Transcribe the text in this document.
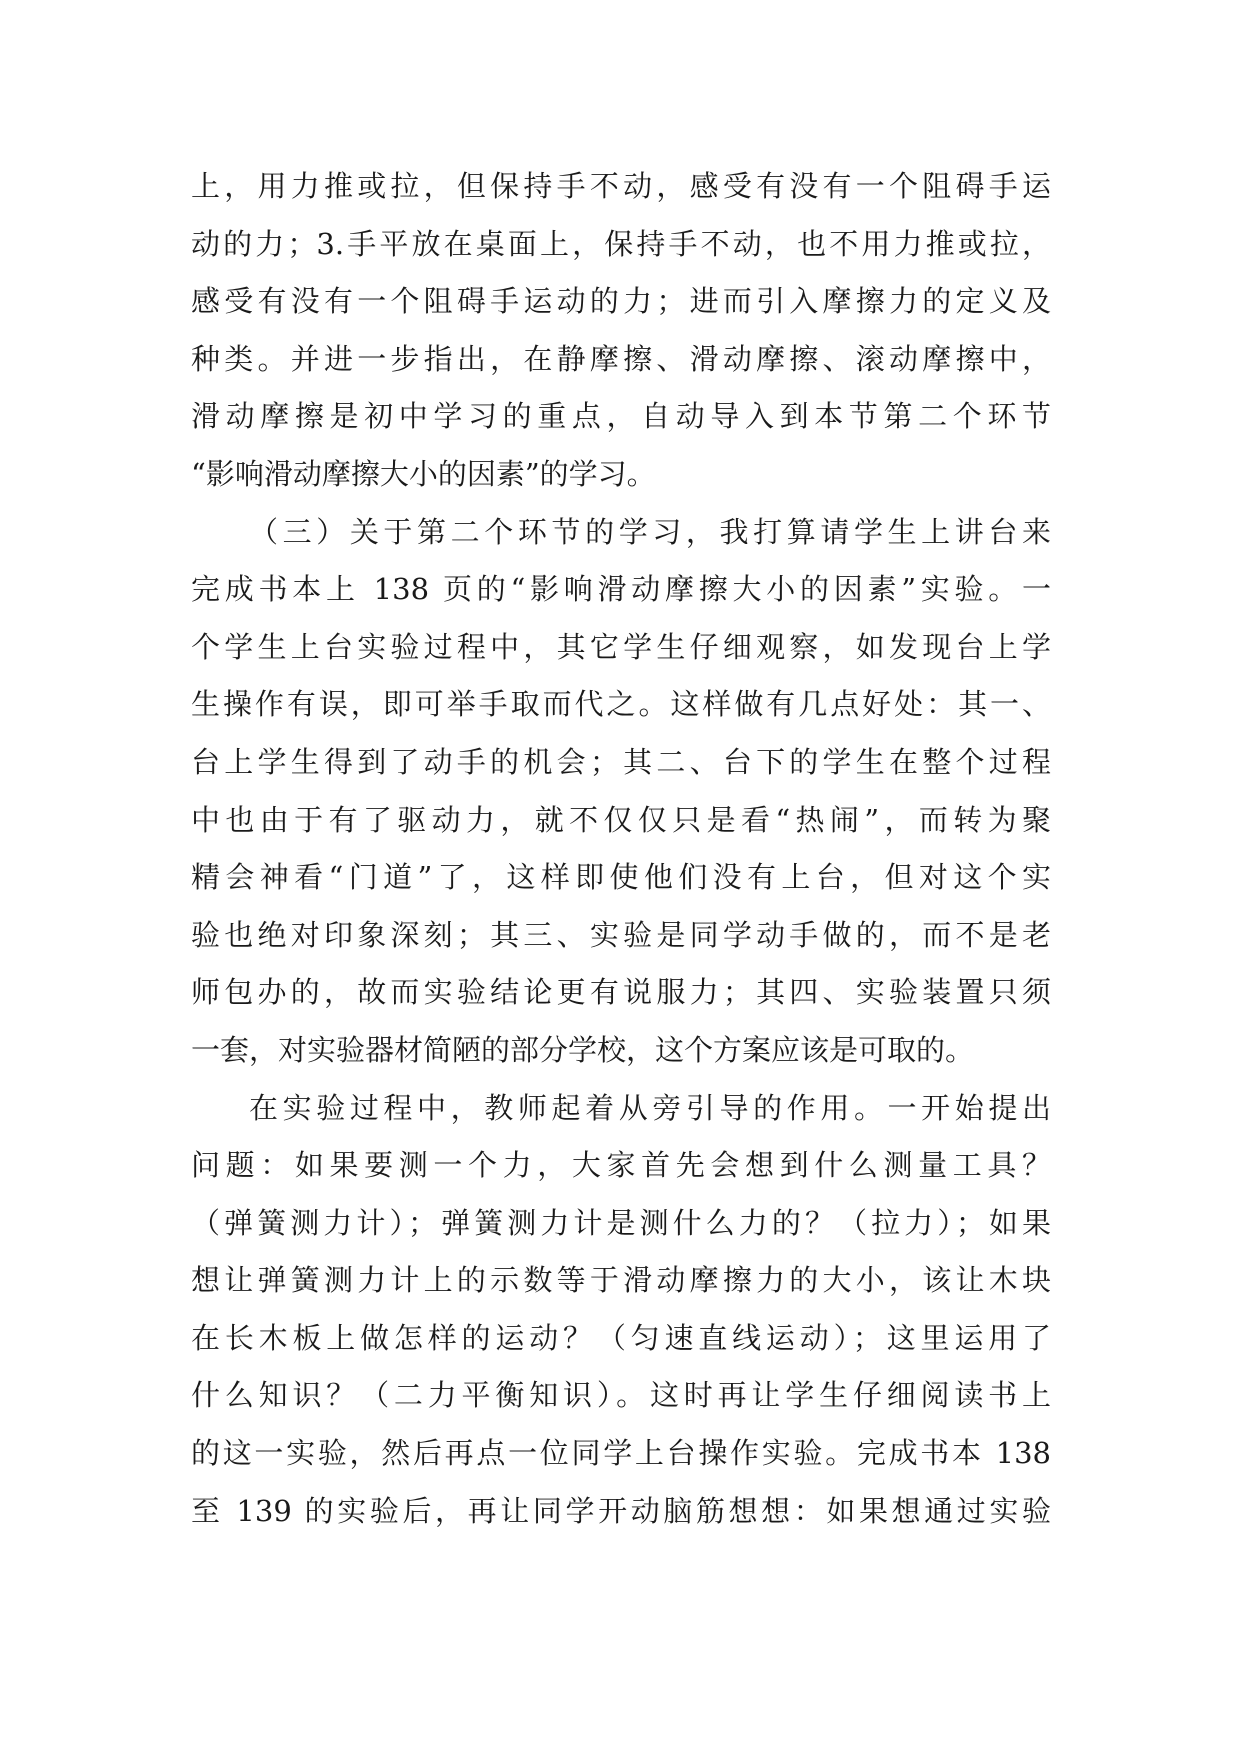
上，用力推或拉，但保持手不动，感受有没有一个阻碍手运
动的力；3.手平放在桌面上，保持手不动，也不用力推或拉，
感受有没有一个阻碍手运动的力；进而引入摩擦力的定义及
种类。并进一步指出，在静摩擦、滑动摩擦、滚动摩擦中，
滑动摩擦是初中学习的重点，自动导入到本节第二个环节
“影响滑动摩擦大小的因素”的学习。
（三）关于第二个环节的学习，我打算请学生上讲台来
完成书本上 138 页的“影响滑动摩擦大小的因素”实验。一
个学生上台实验过程中，其它学生仔细观察，如发现台上学
生操作有误，即可举手取而代之。这样做有几点好处：其一、
台上学生得到了动手的机会；其二、台下的学生在整个过程
中也由于有了驱动力，就不仅仅只是看“热闹”，而转为聚
精会神看“门道”了，这样即使他们没有上台，但对这个实
验也绝对印象深刻；其三、实验是同学动手做的，而不是老
师包办的，故而实验结论更有说服力；其四、实验装置只须
一套，对实验器材简陋的部分学校，这个方案应该是可取的。
在实验过程中，教师起着从旁引导的作用。一开始提出
问题：如果要测一个力，大家首先会想到什么测量工具？
（弹簧测力计）；弹簧测力计是测什么力的？（拉力）；如果
想让弹簧测力计上的示数等于滑动摩擦力的大小，该让木块
在长木板上做怎样的运动？（匀速直线运动）；这里运用了
什么知识？（二力平衡知识）。这时再让学生仔细阅读书上
的这一实验，然后再点一位同学上台操作实验。完成书本 138
至 139 的实验后，再让同学开动脑筋想想：如果想通过实验
